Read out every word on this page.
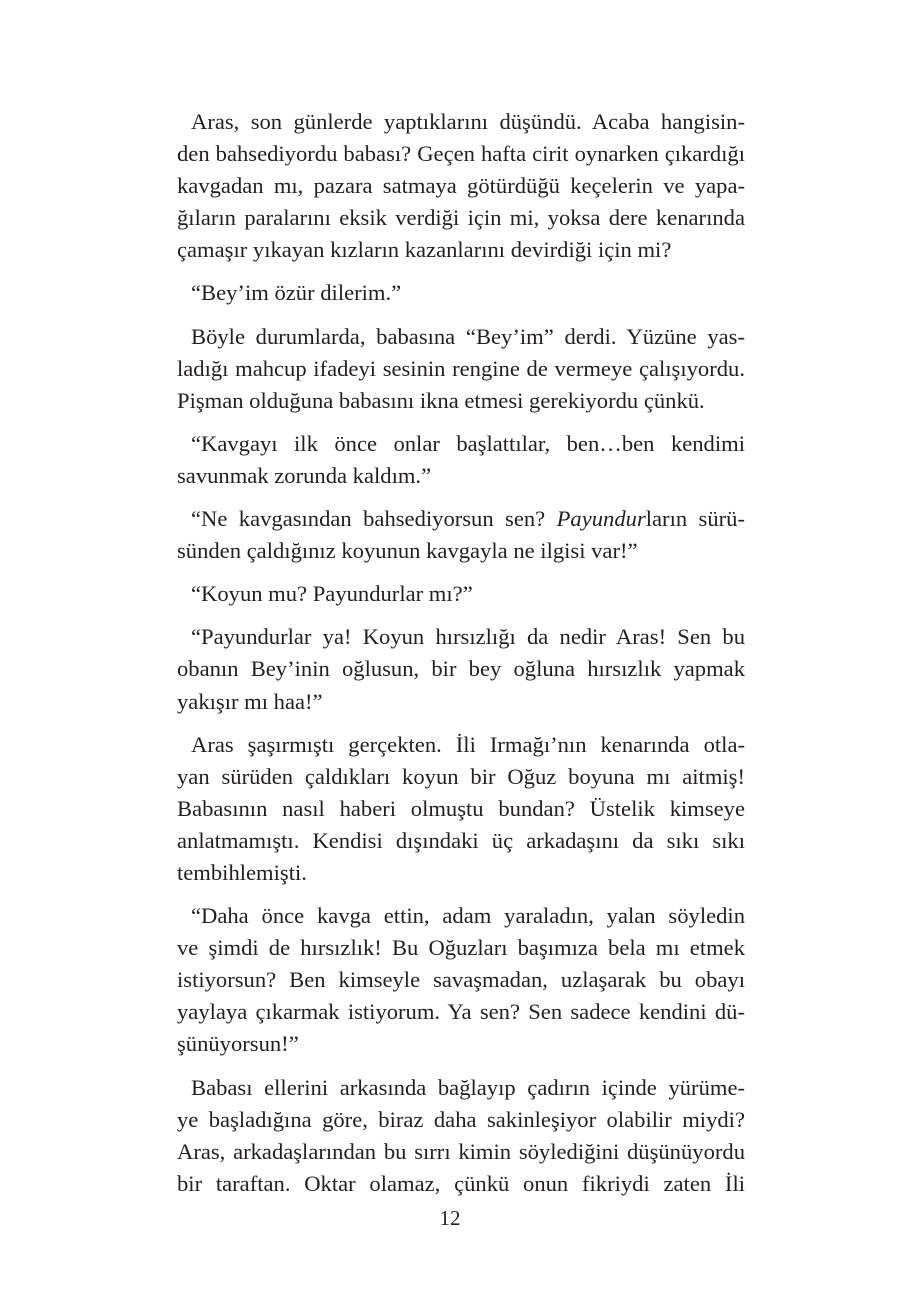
Aras, son günlerde yaptıklarını düşündü. Acaba hangisin-
den bahsediyordu babası? Geçen hafta cirit oynarken çıkardığı
kavgadan mı, pazara satmaya götürdüğü keçelerin ve yapa-
ğıların paralarını eksik verdiği için mi, yoksa dere kenarında
çamaşır yıkayan kızların kazanlarını devirdiği için mi?
“Bey’im özür dilerim.”
Böyle durumlarda, babasına “Bey’im” derdi. Yüzüne yas-
ladığı mahcup ifadeyi sesinin rengine de vermeye çalışıyordu.
Pişman olduğuna babasını ikna etmesi gerekiyordu çünkü.
“Kavgayı ilk önce onlar başlattılar, ben…ben kendimi
savunmak zorunda kaldım.”
“Ne kavgasından bahsediyorsun sen? Payundurların sürü-
sünden çaldığınız koyunun kavgayla ne ilgisi var!”
“Koyun mu? Payundurlar mı?”
“Payundurlar ya! Koyun hırsızlığı da nedir Aras! Sen bu
obanın Bey’inin oğlusun, bir bey oğluna hırsızlık yapmak
yakışır mı haa!”
Aras şaşırmıştı gerçekten. İli Irmağı’nın kenarında otla-
yan sürüden çaldıkları koyun bir Oğuz boyuna mı aitmiş!
Babasının nasıl haberi olmuştu bundan? Üstelik kimseye
anlatmamıştı. Kendisi dışındaki üç arkadaşını da sıkı sıkı
tembihlemişti.
“Daha önce kavga ettin, adam yaraladın, yalan söyledin
ve şimdi de hırsızlık! Bu Oğuzları başımıza bela mı etmek
istiyorsun? Ben kimseyle savaşmadan, uzlaşarak bu obayı
yaylaya çıkarmak istiyorum. Ya sen? Sen sadece kendini dü-
şünüyorsun!”
Babası ellerini arkasında bağlayıp çadırın içinde yürüme-
ye başladığına göre, biraz daha sakinleşiyor olabilir miydi?
Aras, arkadaşlarından bu sırrı kimin söylediğini düşünüyordu
bir taraftan. Oktar olamaz, çünkü onun fikriydi zaten İli
12
